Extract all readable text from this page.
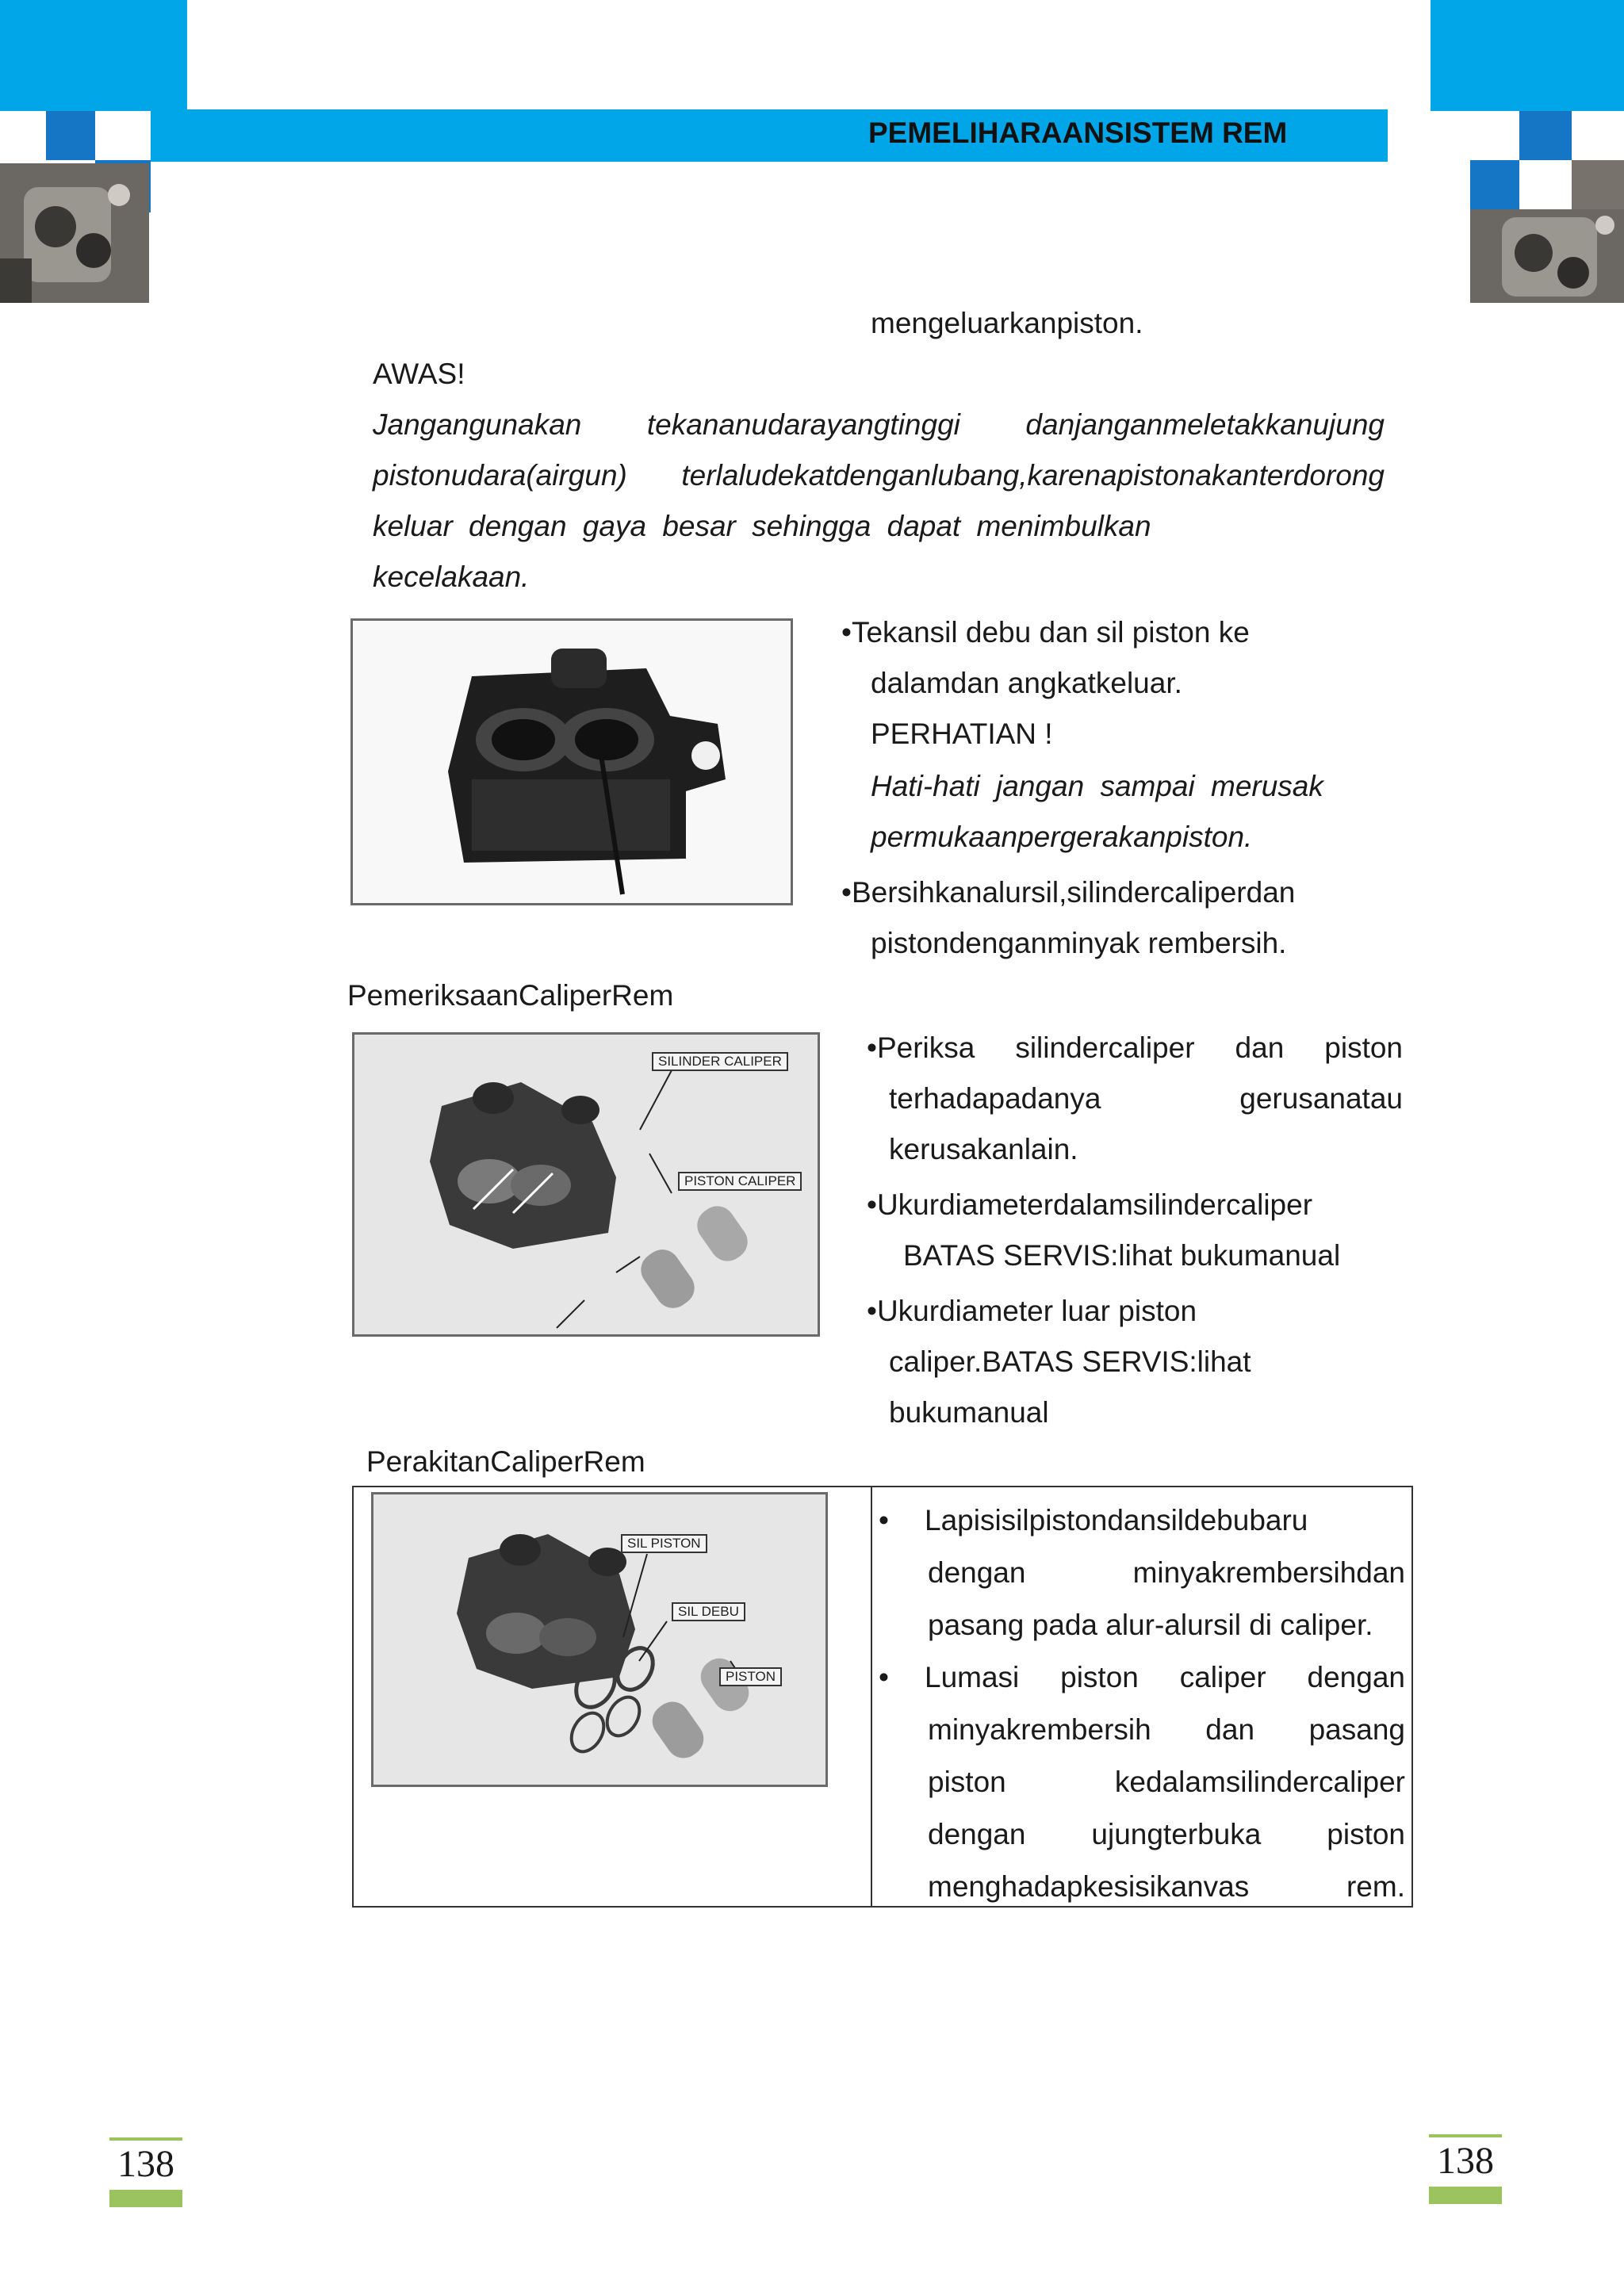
PEMELIHARAANSISTEM REM
mengeluarkanpiston.
AWAS!
Jangangunakan tekananudarayangtinggi danjanganmeletakkanujung
pistonudara(airgun) terlaludekatdenganlubang,karenapistonakanterdorong
keluar dengan gaya besar sehingga dapat menimbulkan
kecelakaan.
•Tekansil debu dan sil piston ke
dalamdan angkatkeluar.
PERHATIAN !
Hati-hati jangan sampai merusak
permukaanpergerakanpiston.
•Bersihkanalursil,silindercaliperdan
pistondenganminyak rembersih.
PemeriksaanCaliperRem
SILINDER CALIPER
PISTON CALIPER
•Periksa silindercaliper dan piston
terhadapadanya gerusanatau
kerusakanlain.
•Ukurdiameterdalamsilindercaliper
BATAS SERVIS:lihat bukumanual
•Ukurdiameter luar piston
caliper.BATAS SERVIS:lihat
bukumanual
PerakitanCaliperRem
SIL PISTON
SIL DEBU
PISTON
• Lapisisilpistondansildebubaru
dengan minyakrembersihdan
pasang pada alur-alursil di caliper.
• Lumasi piston caliper dengan
minyakrembersih dan pasang
piston kedalamsilindercaliper
dengan ujungterbuka piston
menghadapkesisikanvas rem.
138	138
